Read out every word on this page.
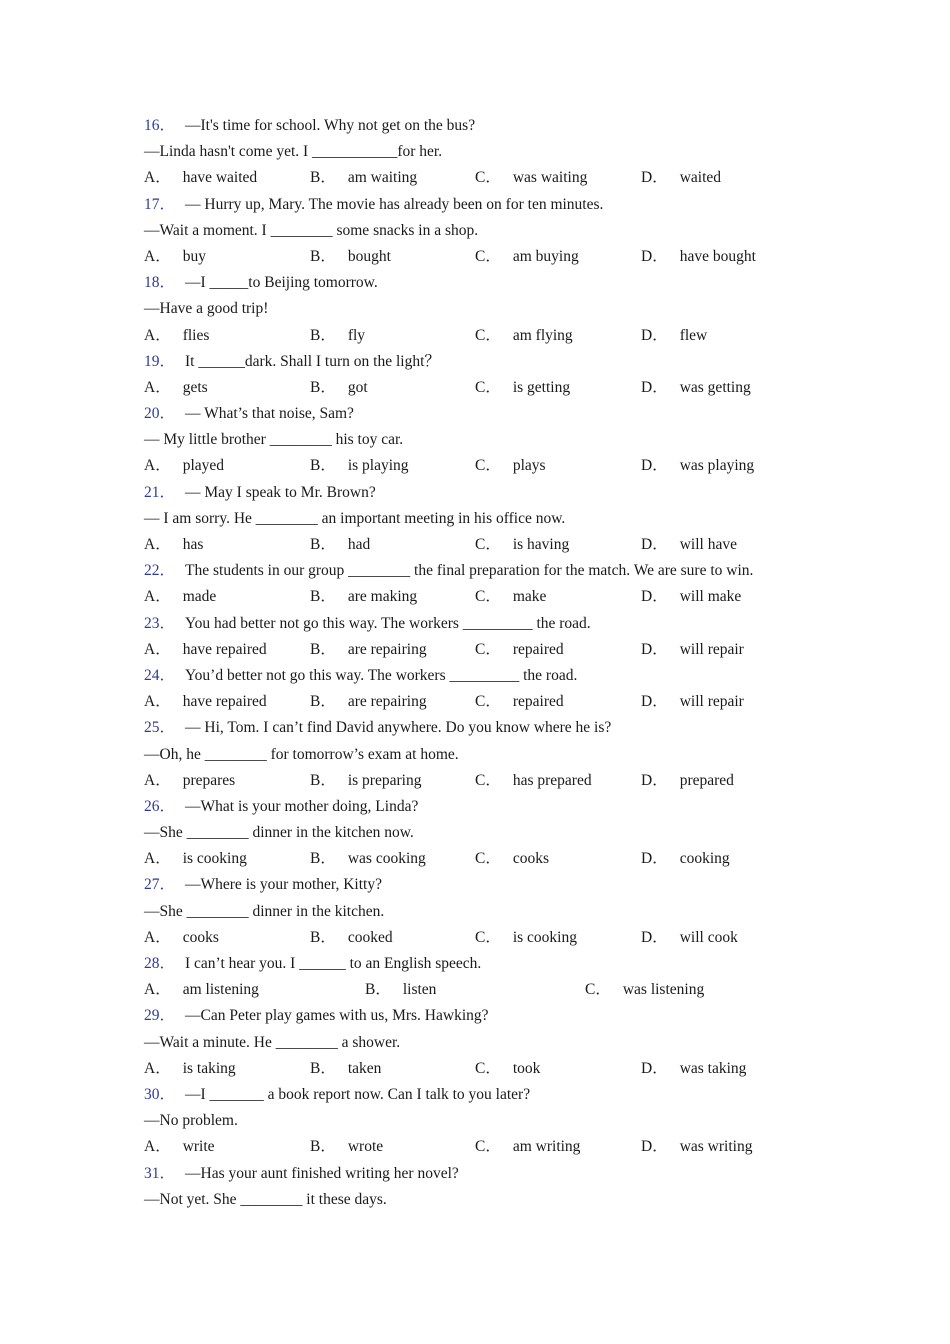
16． —It's time for school. Why not get on the bus?
—Linda hasn't come yet. I ___________for her.
A． have waited	B． am waiting	C． was waiting	D． waited
17． — Hurry up, Mary. The movie has already been on for ten minutes.
—Wait a moment. I ________ some snacks in a shop.
A． buy	B． bought	C． am buying	D． have bought
18． —I _____to Beijing tomorrow.
—Have a good trip!
A． flies	B． fly	C． am flying	D． flew
19． It ______dark. Shall I turn on the light？
A． gets	B． got	C． is getting	D． was getting
20． — What’s that noise, Sam?
— My little brother ________ his toy car.
A． played	B． is playing	C． plays	D． was playing
21． — May I speak to Mr. Brown?
— I am sorry. He ________ an important meeting in his office now.
A． has	B． had	C． is having	D． will have
22． The students in our group ________ the final preparation for the match. We are sure to win.
A． made	B． are making	C． make	D． will make
23． You had better not go this way. The workers _________ the road.
A． have repaired	B． are repairing	C． repaired	D． will repair
24． You’d better not go this way. The workers _________ the road.
A． have repaired	B． are repairing	C． repaired	D． will repair
25． — Hi, Tom. I can’t find David anywhere. Do you know where he is?
—Oh, he ________ for tomorrow’s exam at home.
A． prepares	B． is preparing	C． has prepared	D． prepared
26． —What is your mother doing, Linda?
—She ________ dinner in the kitchen now.
A． is cooking	B． was cooking	C． cooks	D． cooking
27． —Where is your mother, Kitty?
—She ________ dinner in the kitchen.
A． cooks	B． cooked	C． is cooking	D． will cook
28． I can’t hear you. I ______ to an English speech.
A． am listening	B． listen	C． was listening
29． —Can Peter play games with us, Mrs. Hawking?
—Wait a minute. He ________ a shower.
A． is taking	B． taken	C． took	D． was taking
30． —I _______ a book report now. Can I talk to you later?
—No problem.
A． write	B． wrote	C． am writing	D． was writing
31． —Has your aunt finished writing her novel?
—Not yet. She ________ it these days.
